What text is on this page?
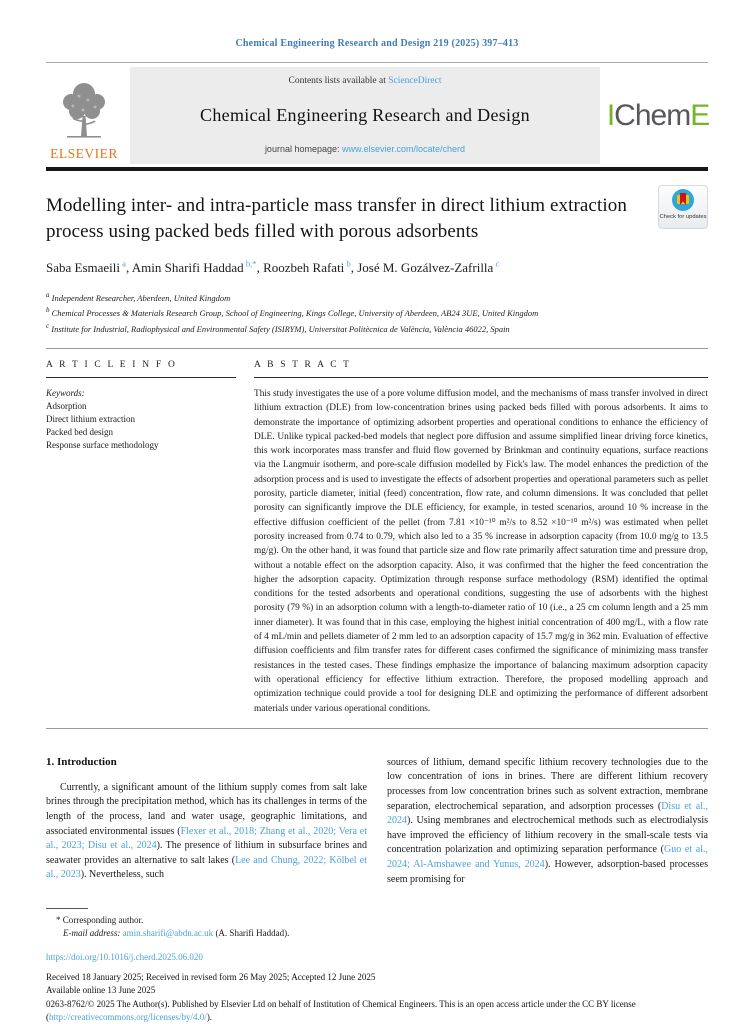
Chemical Engineering Research and Design 219 (2025) 397–413
ELSEVIER
Contents lists available at ScienceDirect
Chemical Engineering Research and Design
journal homepage: www.elsevier.com/locate/cherd
I Chem E
Modelling inter- and intra-particle mass transfer in direct lithium extraction process using packed beds filled with porous adsorbents
Check for updates
Saba Esmaeili $^a$, Amin Sharifi Haddad $^{b,*}$, Roozbeh Rafati $^b$, José M. Gozálvez-Zafrilla $^c$
$^a$ Independent Researcher, Aberdeen, United Kingdom
$^b$ Chemical Processes & Materials Research Group, School of Engineering, Kings College, University of Aberdeen, AB24 3UE, United Kingdom
$^c$ Institute for Industrial, Radiophysical and Environmental Safety (ISIRYM), Universitat Politècnica de València, València 46022, Spain
A R T I C L E I N F O
Keywords:
Adsorption
Direct lithium extraction
Packed bed design
Response surface methodology
A B S T R A C T
This study investigates the use of a pore volume diffusion model, and the mechanisms of mass transfer involved in direct lithium extraction (DLE) from low-concentration brines using packed beds filled with porous adsorbents. It aims to demonstrate the importance of optimizing adsorbent properties and operational conditions to enhance the efficiency of DLE. Unlike typical packed-bed models that neglect pore diffusion and assume simplified linear driving force kinetics, this work incorporates mass transfer and fluid flow governed by Brinkman and continuity equations, surface reactions via the Langmuir isotherm, and pore-scale diffusion modelled by Fick's law. The model enhances the prediction of the adsorption process and is used to investigate the effects of adsorbent properties and operational parameters such as pellet porosity, particle diameter, initial (feed) concentration, flow rate, and column dimensions. It was concluded that pellet porosity can significantly improve the DLE efficiency, for example, in tested scenarios, around 10 % increase in the effective diffusion coefficient of the pellet (from 7.81 ×10⁻¹⁰ m²/s to 8.52 ×10⁻¹⁰ m²/s) was estimated when pellet porosity increased from 0.74 to 0.79, which also led to a 35 % increase in adsorption capacity (from 10.0 mg/g to 13.5 mg/g). On the other hand, it was found that particle size and flow rate primarily affect saturation time and pressure drop, without a notable effect on the adsorption capacity. Also, it was confirmed that the higher the feed concentration the higher the adsorption capacity. Optimization through response surface methodology (RSM) identified the optimal conditions for the tested adsorbents and operational conditions, suggesting the use of adsorbents with the highest porosity (79 %) in an adsorption column with a length-to-diameter ratio of 10 (i.e., a 25 cm column length and a 25 mm inner diameter). It was found that in this case, employing the highest initial concentration of 400 mg/L, with a flow rate of 4 mL/min and pellets diameter of 2 mm led to an adsorption capacity of 15.7 mg/g in 362 min. Evaluation of effective diffusion coefficients and film transfer rates for different cases confirmed the significance of minimizing mass transfer resistances in the tested cases. These findings emphasize the importance of balancing maximum adsorption capacity with operational efficiency for effective lithium extraction. Therefore, the proposed modelling approach and optimization technique could provide a tool for designing DLE and optimizing the performance of different adsorbent materials under various operational conditions.
1. Introduction
Currently, a significant amount of the lithium supply comes from salt lake brines through the precipitation method, which has its challenges in terms of the length of the process, land and water usage, geographic limitations, and associated environmental issues (Flexer et al., 2018; Zhang et al., 2020; Vera et al., 2023; Disu et al., 2024). The presence of lithium in subsurface brines and seawater provides an alternative to salt lakes (Lee and Chung, 2022; Kölbel et al., 2023). Nevertheless, such
sources of lithium, demand specific lithium recovery technologies due to the low concentration of ions in brines. There are different lithium recovery processes from low concentration brines such as solvent extraction, membrane separation, electrochemical separation, and adsorption processes (Disu et al., 2024). Using membranes and electrochemical methods such as electrodialysis have improved the efficiency of lithium recovery in the small-scale tests via concentration polarization and optimizing separation performance (Guo et al., 2024; Al-Amshawee and Yunus, 2024). However, adsorption-based processes seem promising for
* Corresponding author.
E-mail address: amin.sharifi@abdn.ac.uk (A. Sharifi Haddad).
https://doi.org/10.1016/j.cherd.2025.06.020
Received 18 January 2025; Received in revised form 26 May 2025; Accepted 12 June 2025
Available online 13 June 2025
0263-8762/© 2025 The Author(s). Published by Elsevier Ltd on behalf of Institution of Chemical Engineers. This is an open access article under the CC BY license (http://creativecommons.org/licenses/by/4.0/).
